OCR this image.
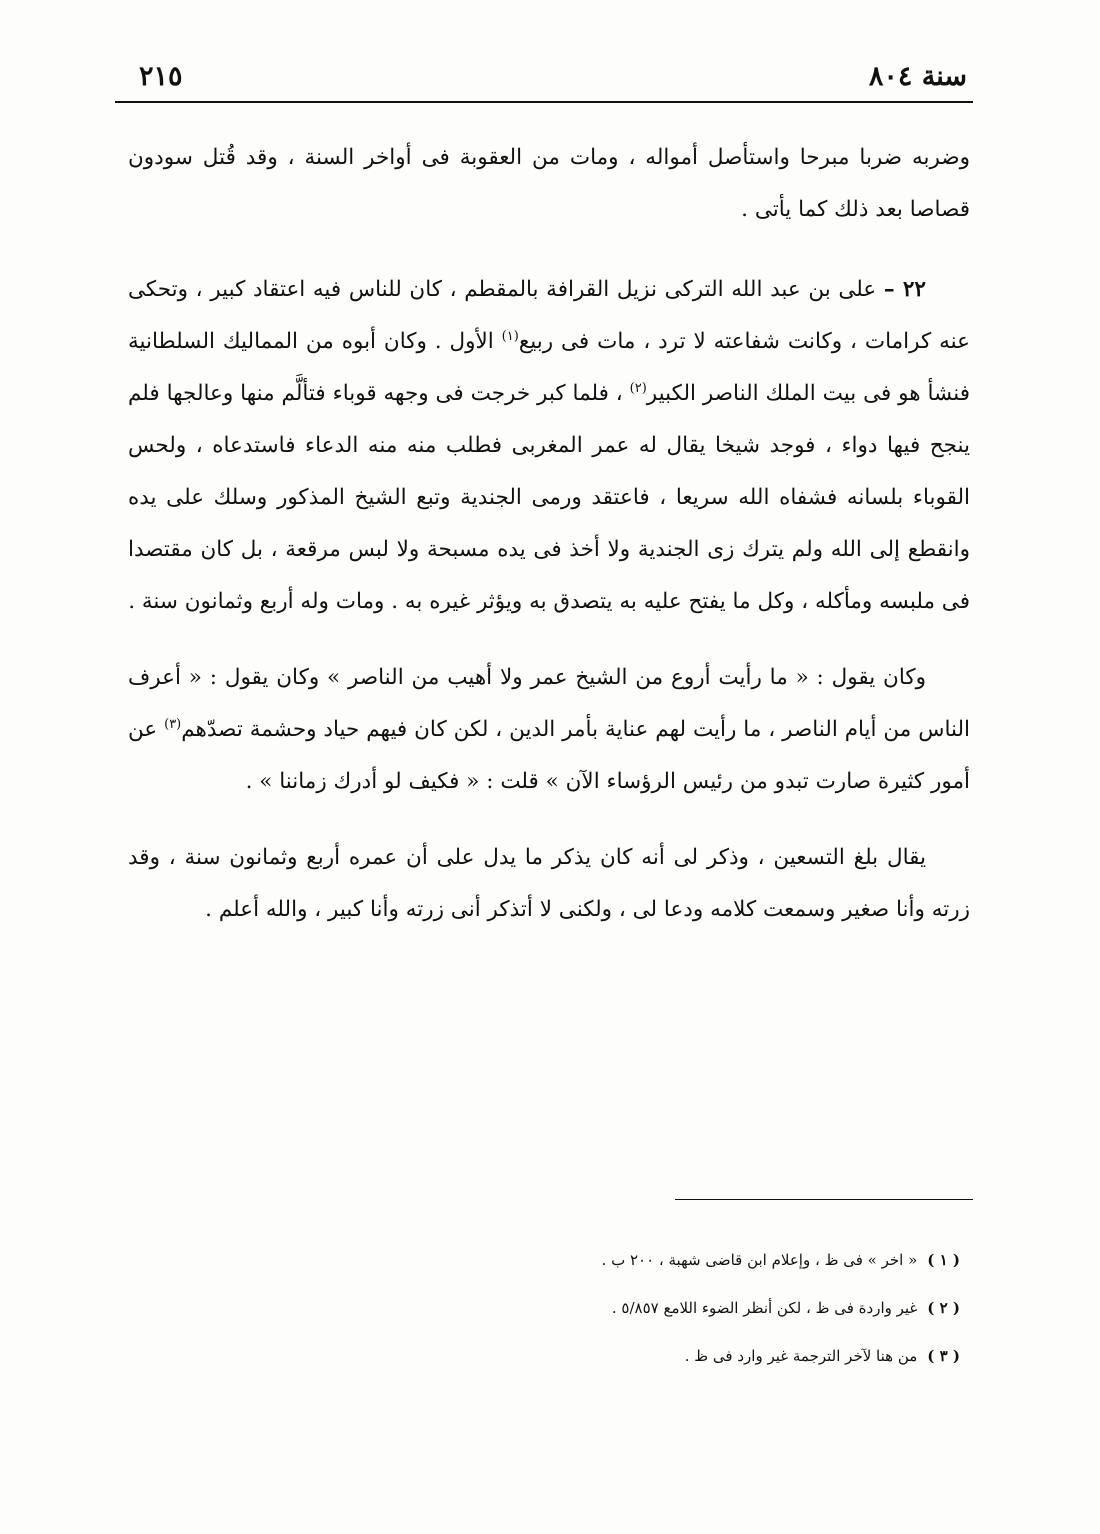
سنة ٨٠٤
٢١٥

وضربه ضربا مبرحا واستأصل أمواله ، ومات من العقوبة فى أواخر السنة ، وقد قُتل سودون قصاصا بعد ذلك كما يأتى .

٢٢ – على بن عبد الله التركى نزيل القرافة بالمقطم ، كان للناس فيه اعتقاد كبير ، وتحكى عنه كرامات ، وكانت شفاعته لا ترد ، مات فى ربيع$^{(١)}$ الأول . وكان أبوه من المماليك السلطانية فنشأ هو فى بيت الملك الناصر الكبير$^{(٢)}$ ، فلما كبر خرجت فى وجهه قوباء فتألَّم منها وعالجها فلم ينجح فيها دواء ، فوجد شيخا يقال له عمر المغربى فطلب منه منه الدعاء فاستدعاه ، ولحس القوباء بلسانه فشفاه الله سريعا ، فاعتقد ورمى الجندية وتبع الشيخ المذكور وسلك على يده وانقطع إلى الله ولم يترك زى الجندية ولا أخذ فى يده مسبحة ولا لبس مرقعة ، بل كان مقتصدا فى ملبسه ومأكله ، وكل ما يفتح عليه به يتصدق به ويؤثر غيره به . ومات وله أربع وثمانون سنة .

وكان يقول : « ما رأيت أروع من الشيخ عمر ولا أهيب من الناصر » وكان يقول : « أعرف الناس من أيام الناصر ، ما رأيت لهم عناية بأمر الدين ، لكن كان فيهم حياد وحشمة تصدّهم$^{(٣)}$ عن أمور كثيرة صارت تبدو من رئيس الرؤساء الآن » قلت : « فكيف لو أدرك زماننا » .

يقال بلغ التسعين ، وذكر لى أنه كان يذكر ما يدل على أن عمره أربع وثمانون سنة ، وقد زرته وأنا صغير وسمعت كلامه ودعا لى ، ولكنى لا أتذكر أنى زرته وأنا كبير ، والله أعلم .

( ١ )« اخر » فى ظ ، وإعلام ابن قاضى شهبة ، ٢٠٠ ب .

( ٢ )غير واردة فى ظ ، لكن أنظر الضوء اللامع ٥/٨٥٧ .

( ٣ )من هنا لآخر الترجمة غير وارد فى ظ .
